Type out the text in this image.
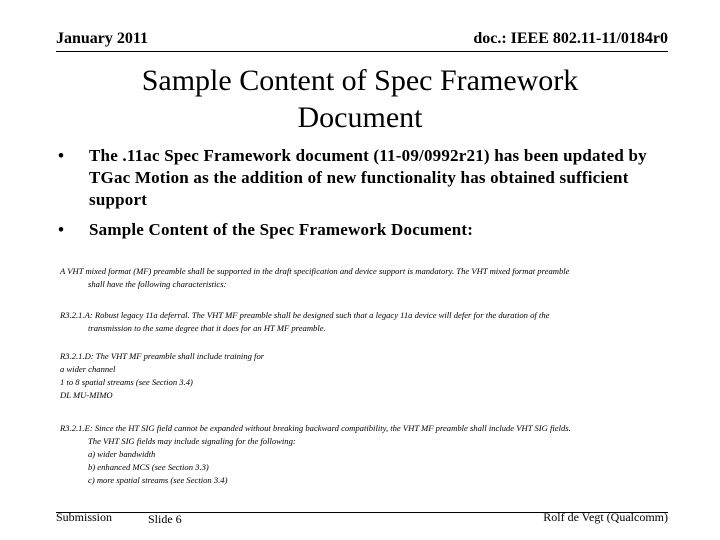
January 2011	doc.: IEEE 802.11-11/0184r0
Sample Content of Spec Framework
Document
• The .11ac Spec Framework document (11-09/0992r21) has been updated by TGac Motion as the addition of new functionality has obtained sufficient support
• Sample Content of the Spec Framework Document:

A VHT mixed format (MF) preamble shall be supported in the draft specification and device support is mandatory. The VHT mixed format preamble

shall have the following characteristics:

R3.2.1.A: Robust legacy 11a deferral. The VHT MF preamble shall be designed such that a legacy 11a device will defer for the duration of the

transmission to the same degree that it does for an HT MF preamble.

R3.2.1.D: The VHT MF preamble shall include training for

a wider channel

1 to 8 spatial streams (see Section 3.4)

DL MU-MIMO

R3.2.1.E: Since the HT SIG field cannot be expanded without breaking backward compatibility, the VHT MF preamble shall include VHT SIG fields.

The VHT SIG fields may include signaling for the following:

a) wider bandwidth

b) enhanced MCS (see Section 3.3)

c) more spatial streams (see Section 3.4)

Submission	Slide 6	Rolf de Vegt (Qualcomm)
